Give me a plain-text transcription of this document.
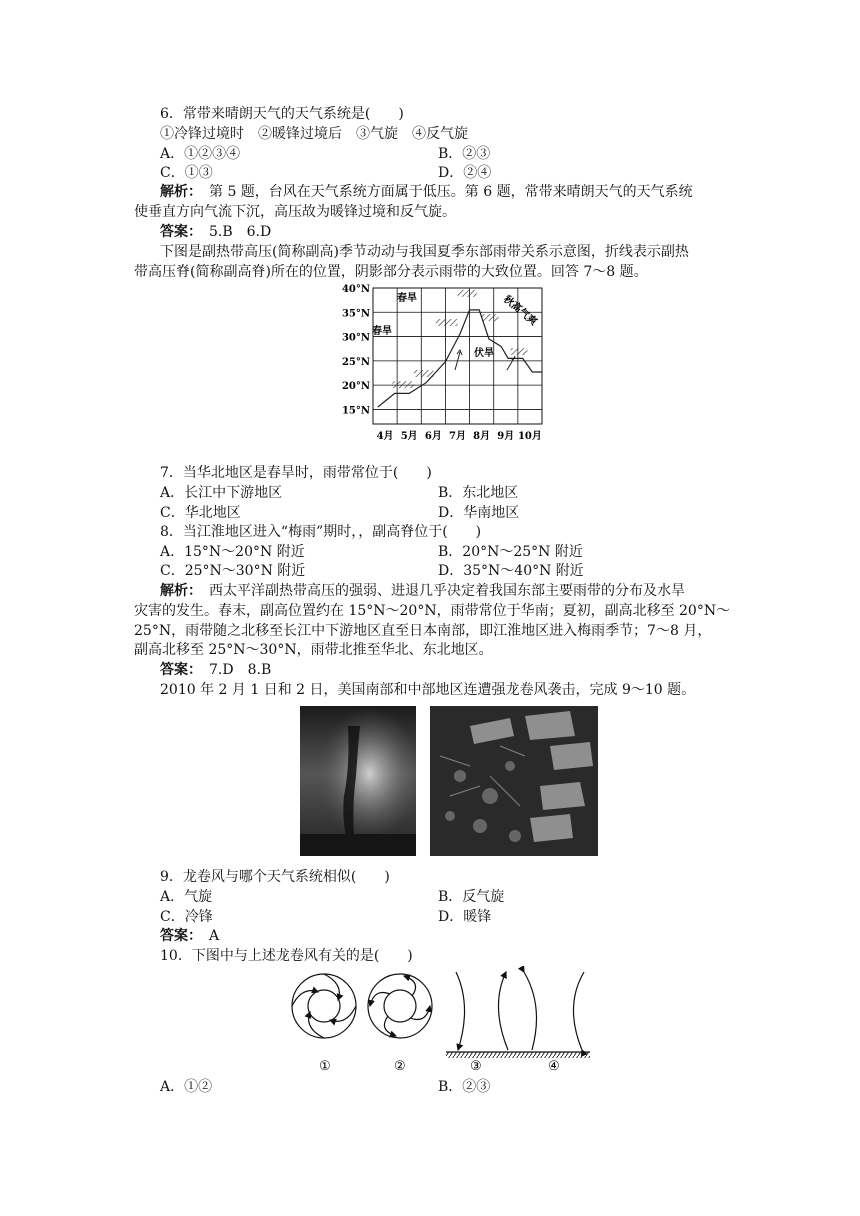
6．常带来晴朗天气的天气系统是(　　)
①冷锋过境时　②暖锋过境后　③气旋　④反气旋
A．①②③④	B．②③
C．①③	D．②④
解析：　第 5 题，台风在天气系统方面属于低压。第 6 题，常带来晴朗天气的天气系统
使垂直方向气流下沉，高压故为暖锋过境和反气旋。
答案：　5.B　6.D
下图是副热带高压(简称副高)季节动动与我国夏季东部雨带关系示意图，折线表示副热
带高压脊(简称副高脊)所在的位置，阴影部分表示雨带的大致位置。回答 7～8 题。
40°N
35°N
30°N
25°N
20°N
15°N
4月 5月 6月 7月 8月 9月 10月
春旱
春旱
伏旱
秋高气爽
7．当华北地区是春旱时，雨带常位于(　　)
A．长江中下游地区	B．东北地区
C．华北地区	D．华南地区
8．当江淮地区进入“梅雨”期时，，副高脊位于(　　)
A．15°N～20°N 附近	B．20°N～25°N 附近
C．25°N～30°N 附近	D．35°N～40°N 附近
解析：　西太平洋副热带高压的强弱、进退几乎决定着我国东部主要雨带的分布及水旱
灾害的发生。春末，副高位置约在 15°N～20°N，雨带常位于华南；夏初，副高北移至 20°N～
25°N，雨带随之北移至长江中下游地区直至日本南部，即江淮地区进入梅雨季节；7～8 月，
副高北移至 25°N～30°N，雨带北推至华北、东北地区。
答案：　7.D　8.B
2010 年 2 月 1 日和 2 日，美国南部和中部地区连遭强龙卷风袭击，完成 9～10 题。
9．龙卷风与哪个天气系统相似(　　)
A．气旋	B．反气旋
C．冷锋	D．暖锋
答案：　A
10．下图中与上述龙卷风有关的是(　　)
①	②	③	④
A．①②	B．②③
